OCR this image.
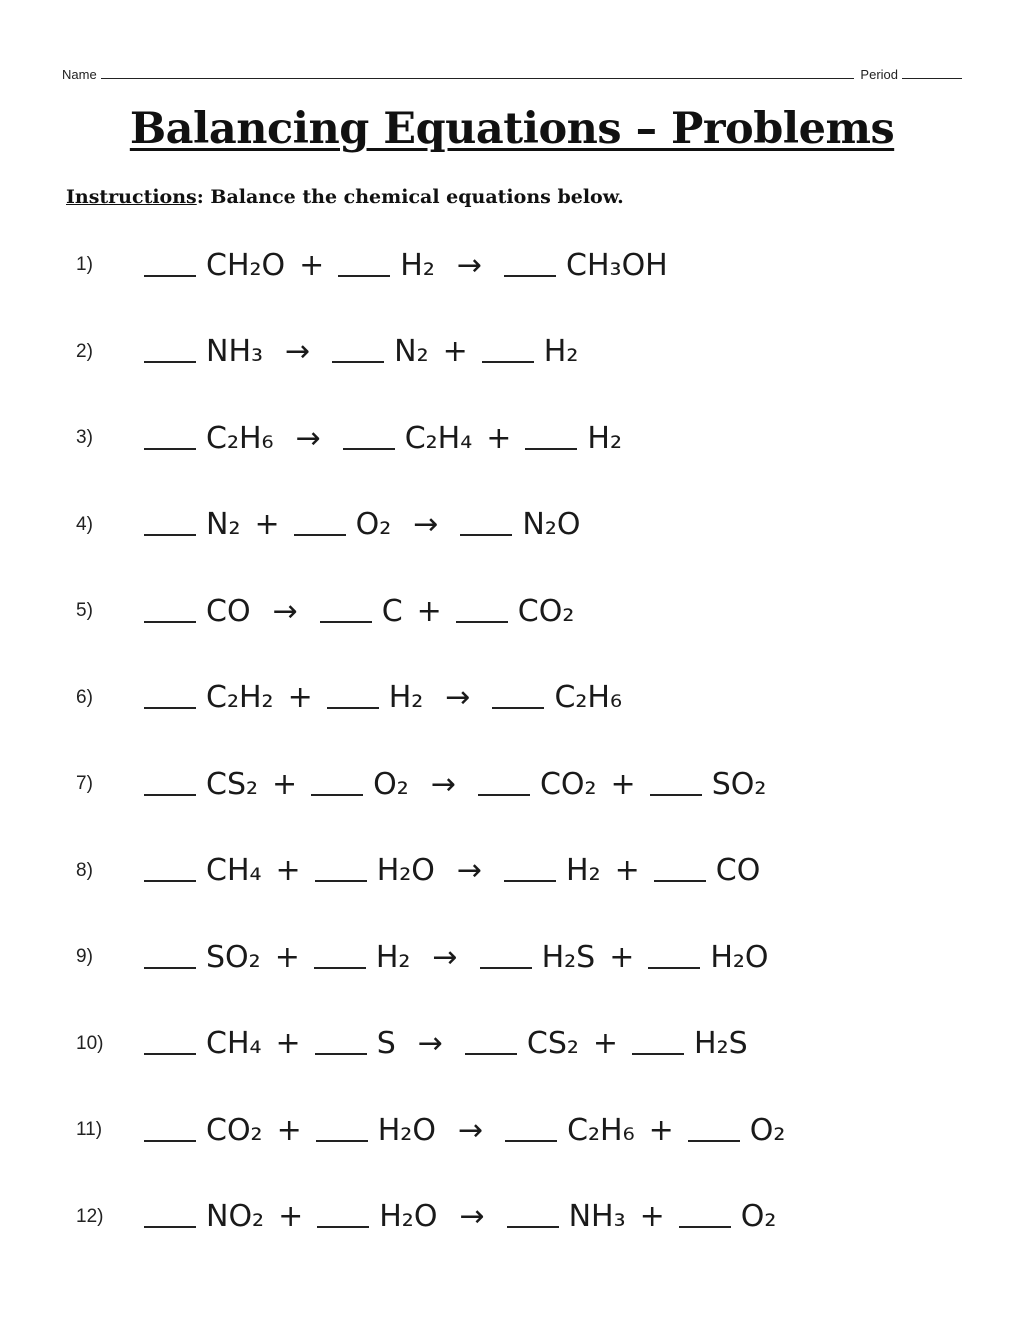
Name	Period
Balancing Equations – Problems
Instructions: Balance the chemical equations below.
1)	CH₂O +	H₂ →	CH₃OH
2)	NH₃ →	N₂ +	H₂
3)	C₂H₆ →	C₂H₄ +	H₂
4)	N₂ +	O₂ →	N₂O
5)	CO →	C +	CO₂
6)	C₂H₂ +	H₂ →	C₂H₆
7)	CS₂ +	O₂ →	CO₂ +	SO₂
8)	CH₄ +	H₂O →	H₂ +	CO
9)	SO₂ +	H₂ →	H₂S +	H₂O
10)	CH₄ +	S →	CS₂ +	H₂S
11)	CO₂ +	H₂O →	C₂H₆ +	O₂
12)	NO₂ +	H₂O →	NH₃ +	O₂
